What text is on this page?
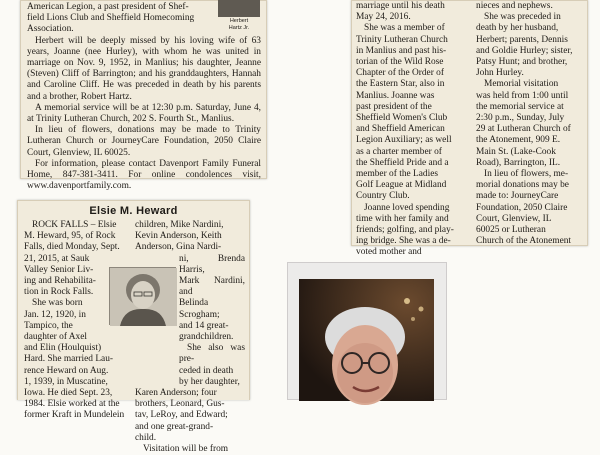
Herbert
Hartz Jr.

American Legion, a past president of Shef-

field Lions Club and Sheffield Homecoming

Association.

Herbert will be deeply missed by his loving wife of 63 years, Joanne (nee Hurley), with whom he was united in marriage on Nov. 9, 1952, in Manlius; his daughter, Jeanne (Steven) Cliff of Barrington; and his granddaughters, Hannah and Caroline Cliff. He was preceded in death by his parents and a brother, Robert Hartz.

A memorial service will be at 12:30 p.m. Saturday, June 4, at Trinity Lutheran Church, 202 S. Fourth St., Manlius.

In lieu of flowers, donations may be made to Trinity Lutheran Church or JourneyCare Foundation, 2050 Claire Court, Glenview, IL 60025.

For information, please contact Davenport Family Funeral Home, 847-381-3411. For online condolences visit, www.davenportfamily.com.

marriage until his death

May 24, 2016.

She was a member of

Trinity Lutheran Church

in Manlius and past his-

torian of the Wild Rose

Chapter of the Order of

the Eastern Star, also in

Manlius. Joanne was

past president of the

Sheffield Women's Club

and Sheffield American

Legion Auxiliary; as well

as a charter member of

the Sheffield Pride and a

member of the Ladies

Golf League at Midland

Country Club.

Joanne loved spending

time with her family and

friends; golfing, and play-

ing bridge. She was a de-

voted mother and

nieces and nephews.

She was preceded in

death by her husband,

Herbert; parents, Dennis

and Goldie Hurley; sister,

Patsy Hunt; and brother,

John Hurley.

Memorial visitation

was held from 1:00 until

the memorial service at

2:30 p.m., Sunday, July

29 at Lutheran Church of

the Atonement, 909 E.

Main St. (Lake-Cook

Road), Barrington, IL.

In lieu of flowers, me-

morial donations may be

made to: JourneyCare

Foundation, 2050 Claire

Court, Glenview, IL

60025 or Lutheran

Church of the Atonement

Elsie M. Heward

ROCK FALLS – Elsie

M. Heward, 95, of Rock

Falls, died Monday, Sept.

21, 2015, at Sauk

Valley Senior Liv-

ing and Rehabilita-

tion in Rock Falls.

She was born

Jan. 12, 1920, in

Tampico, the

daughter of Axel

and Elin (Houlquist)

Hard. She married Lau-

rence Heward on Aug.

1, 1939, in Muscatine,

Iowa. He died Sept. 23,

1984. Elsie worked at the

former Kraft in Mundelein

children, Mike Nardini,

Kevin Anderson, Keith

Anderson, Gina Nardi-

ni, Brenda Harris,

Mark Nardini, and

Belinda Scrogham;

and 14 great-

grandchildren.

She also was pre-

ceded in death

by her daughter,

Karen Anderson; four

brothers, Leonard, Gus-

tav, LeRoy, and Edward;

and one great-grand-

child.

Visitation will be from
